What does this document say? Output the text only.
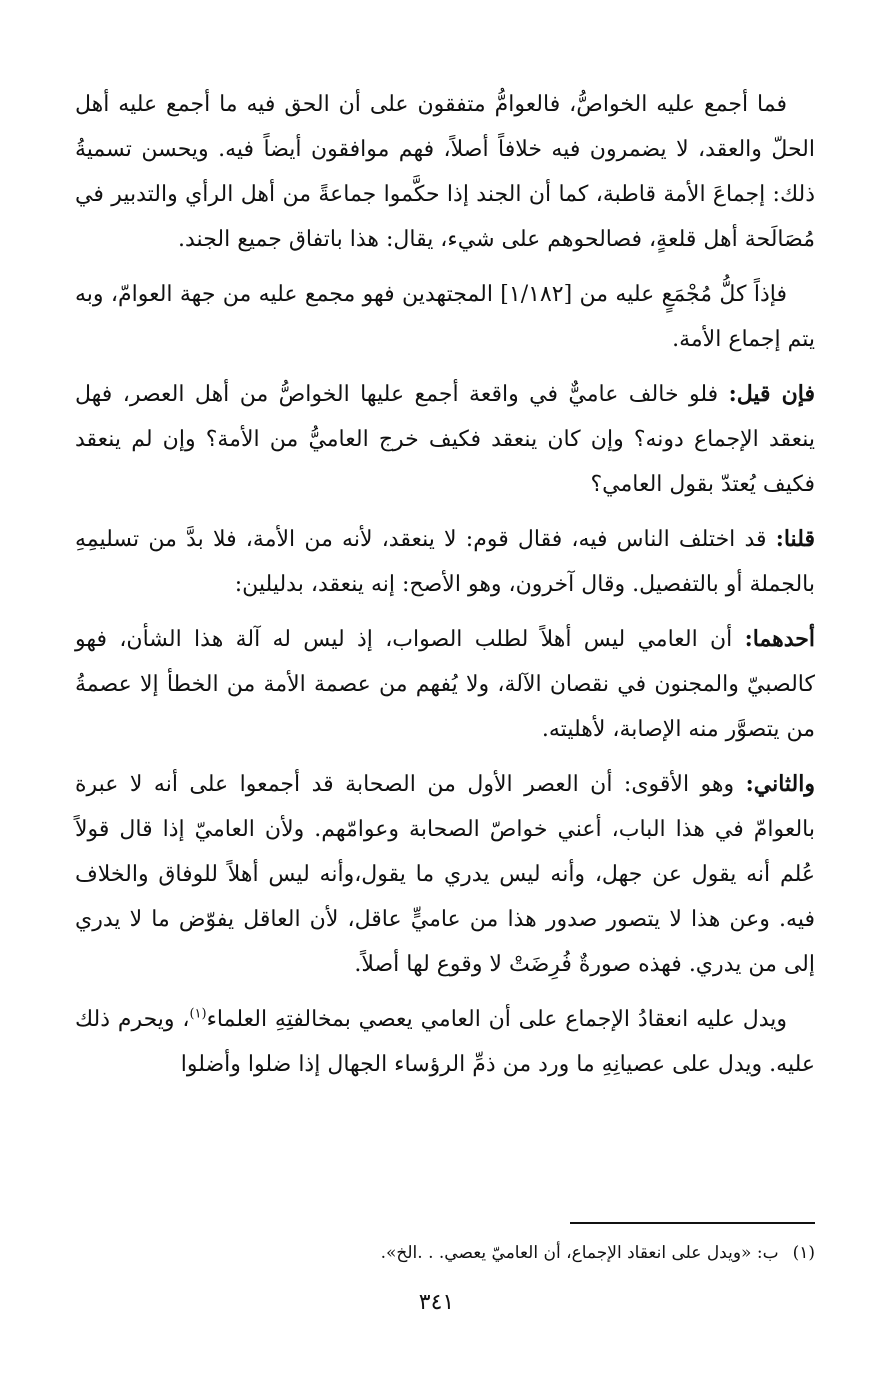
فما أجمع عليه الخواصُّ، فالعوامُّ متفقون على أن الحق فيه ما أجمع عليه أهل الحلّ والعقد، لا يضمرون فيه خلافاً أصلاً، فهم موافقون أيضاً فيه. ويحسن تسميةُ ذلك: إجماعَ الأمة قاطبة، كما أن الجند إذا حكَّموا جماعةً من أهل الرأي والتدبير في مُصَالَحة أهل قلعةٍ، فصالحوهم على شيء، يقال: هذا باتفاق جميع الجند.

فإذاً كلُّ مُجْمَعٍ عليه من [١/١٨٢] المجتهدين فهو مجمع عليه من جهة العوامّ، وبه يتم إجماع الأمة.

فإن قيل: فلو خالف عاميٌّ في واقعة أجمع عليها الخواصُّ من أهل العصر، فهل ينعقد الإجماع دونه؟ وإن كان ينعقد فكيف خرج العاميُّ من الأمة؟ وإن لم ينعقد فكيف يُعتدّ بقول العامي؟

قلنا: قد اختلف الناس فيه، فقال قوم: لا ينعقد، لأنه من الأمة، فلا بدَّ من تسليمِهِ بالجملة أو بالتفصيل. وقال آخرون، وهو الأصح: إنه ينعقد، بدليلين:

أحدهما: أن العامي ليس أهلاً لطلب الصواب، إذ ليس له آلة هذا الشأن، فهو كالصبيّ والمجنون في نقصان الآلة، ولا يُفهم من عصمة الأمة من الخطأ إلا عصمةُ من يتصوَّر منه الإصابة، لأهليته.

والثاني: وهو الأقوى: أن العصر الأول من الصحابة قد أجمعوا على أنه لا عبرة بالعوامّ في هذا الباب، أعني خواصّ الصحابة وعوامّهم. ولأن العاميّ إذا قال قولاً عُلم أنه يقول عن جهل، وأنه ليس يدري ما يقول،وأنه ليس أهلاً للوفاق والخلاف فيه. وعن هذا لا يتصور صدور هذا من عاميٍّ عاقل، لأن العاقل يفوّض ما لا يدري إلى من يدري. فهذه صورةٌ فُرِضَتْ لا وقوع لها أصلاً.

ويدل عليه انعقادُ الإجماع على أن العامي يعصي بمخالفتِهِ العلماء$^{(١)}$، ويحرم ذلك عليه. ويدل على عصيانِهِ ما ورد من ذمِّ الرؤساء الجهال إذا ضلوا وأضلوا

(١)ب: «ويدل على انعقاد الإجماع، أن العاميّ يعصي. . .الخ».
٣٤١
